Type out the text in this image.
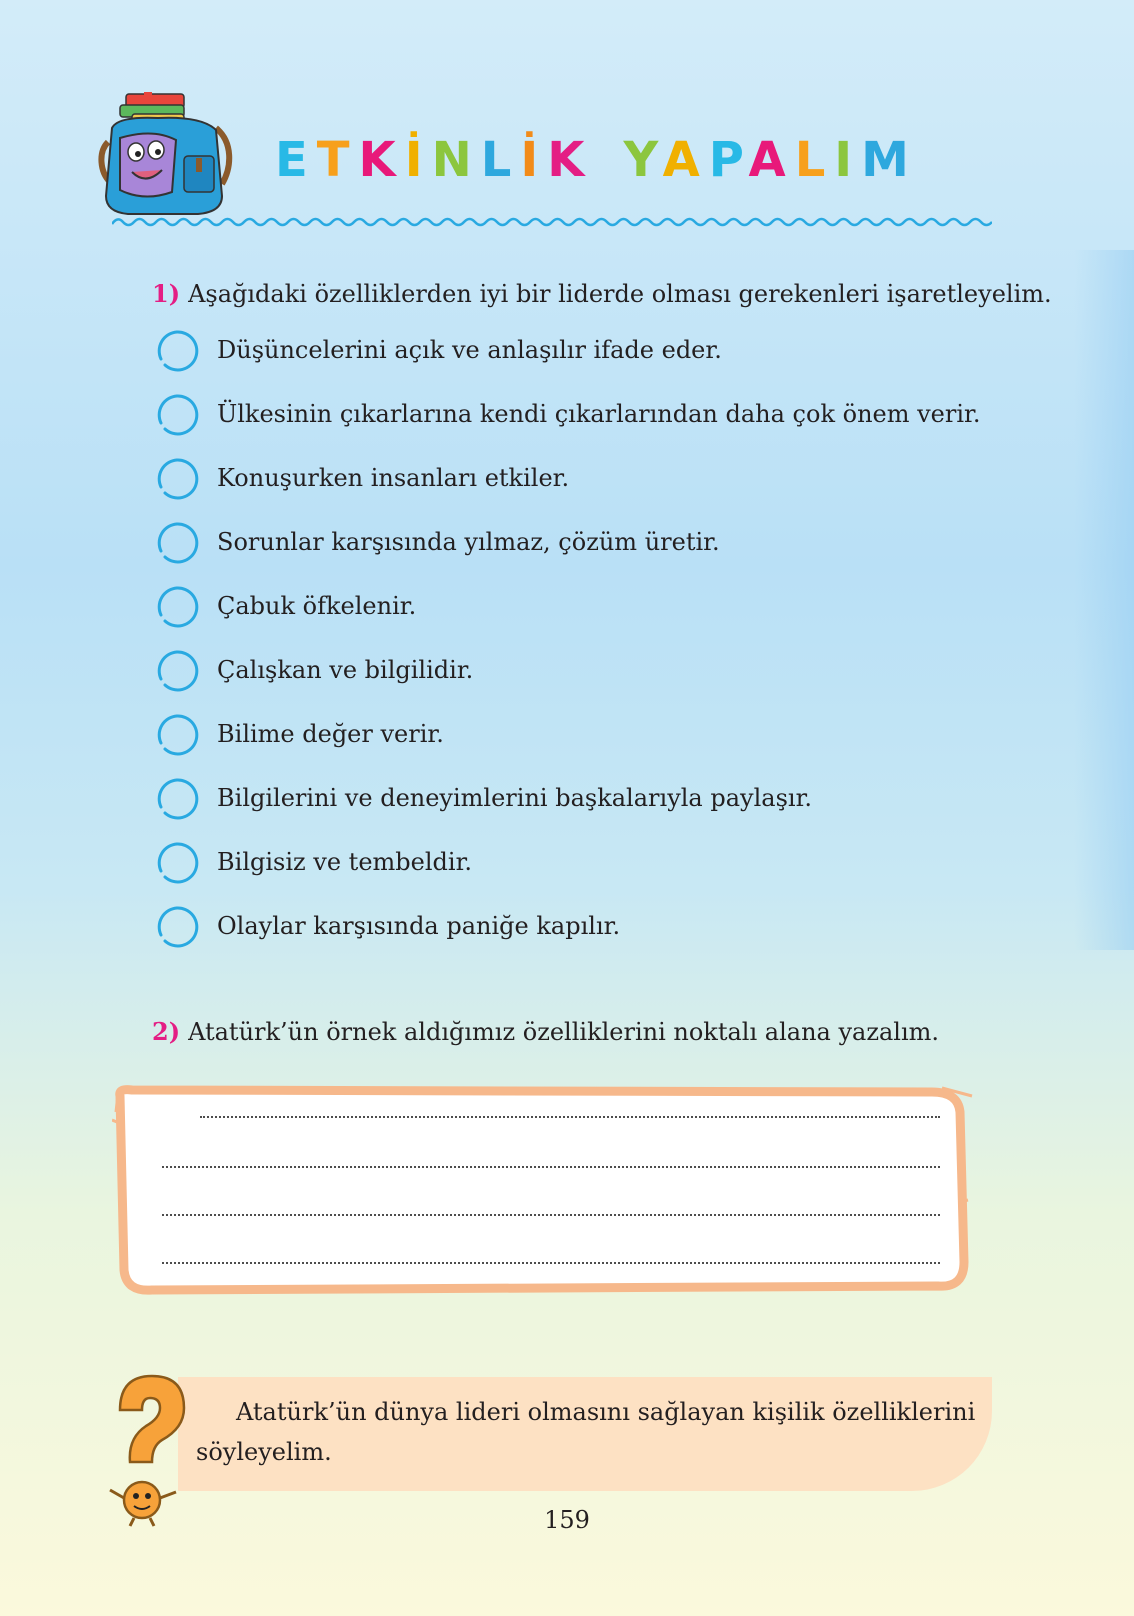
ETKİNLİK YAPALIM
1) Aşağıdaki özelliklerden iyi bir liderde olması gerekenleri işaretleyelim.
Düşüncelerini açık ve anlaşılır ifade eder.
Ülkesinin çıkarlarına kendi çıkarlarından daha çok önem verir.
Konuşurken insanları etkiler.
Sorunlar karşısında yılmaz, çözüm üretir.
Çabuk öfkelenir.
Çalışkan ve bilgilidir.
Bilime değer verir.
Bilgilerini ve deneyimlerini başkalarıyla paylaşır.
Bilgisiz ve tembeldir.
Olaylar karşısında paniğe kapılır.
2) Atatürk’ün örnek aldığımız özelliklerini noktalı alana yazalım.

Atatürk’ün dünya lideri olmasını sağlayan kişilik özelliklerini söyleyelim.

159
